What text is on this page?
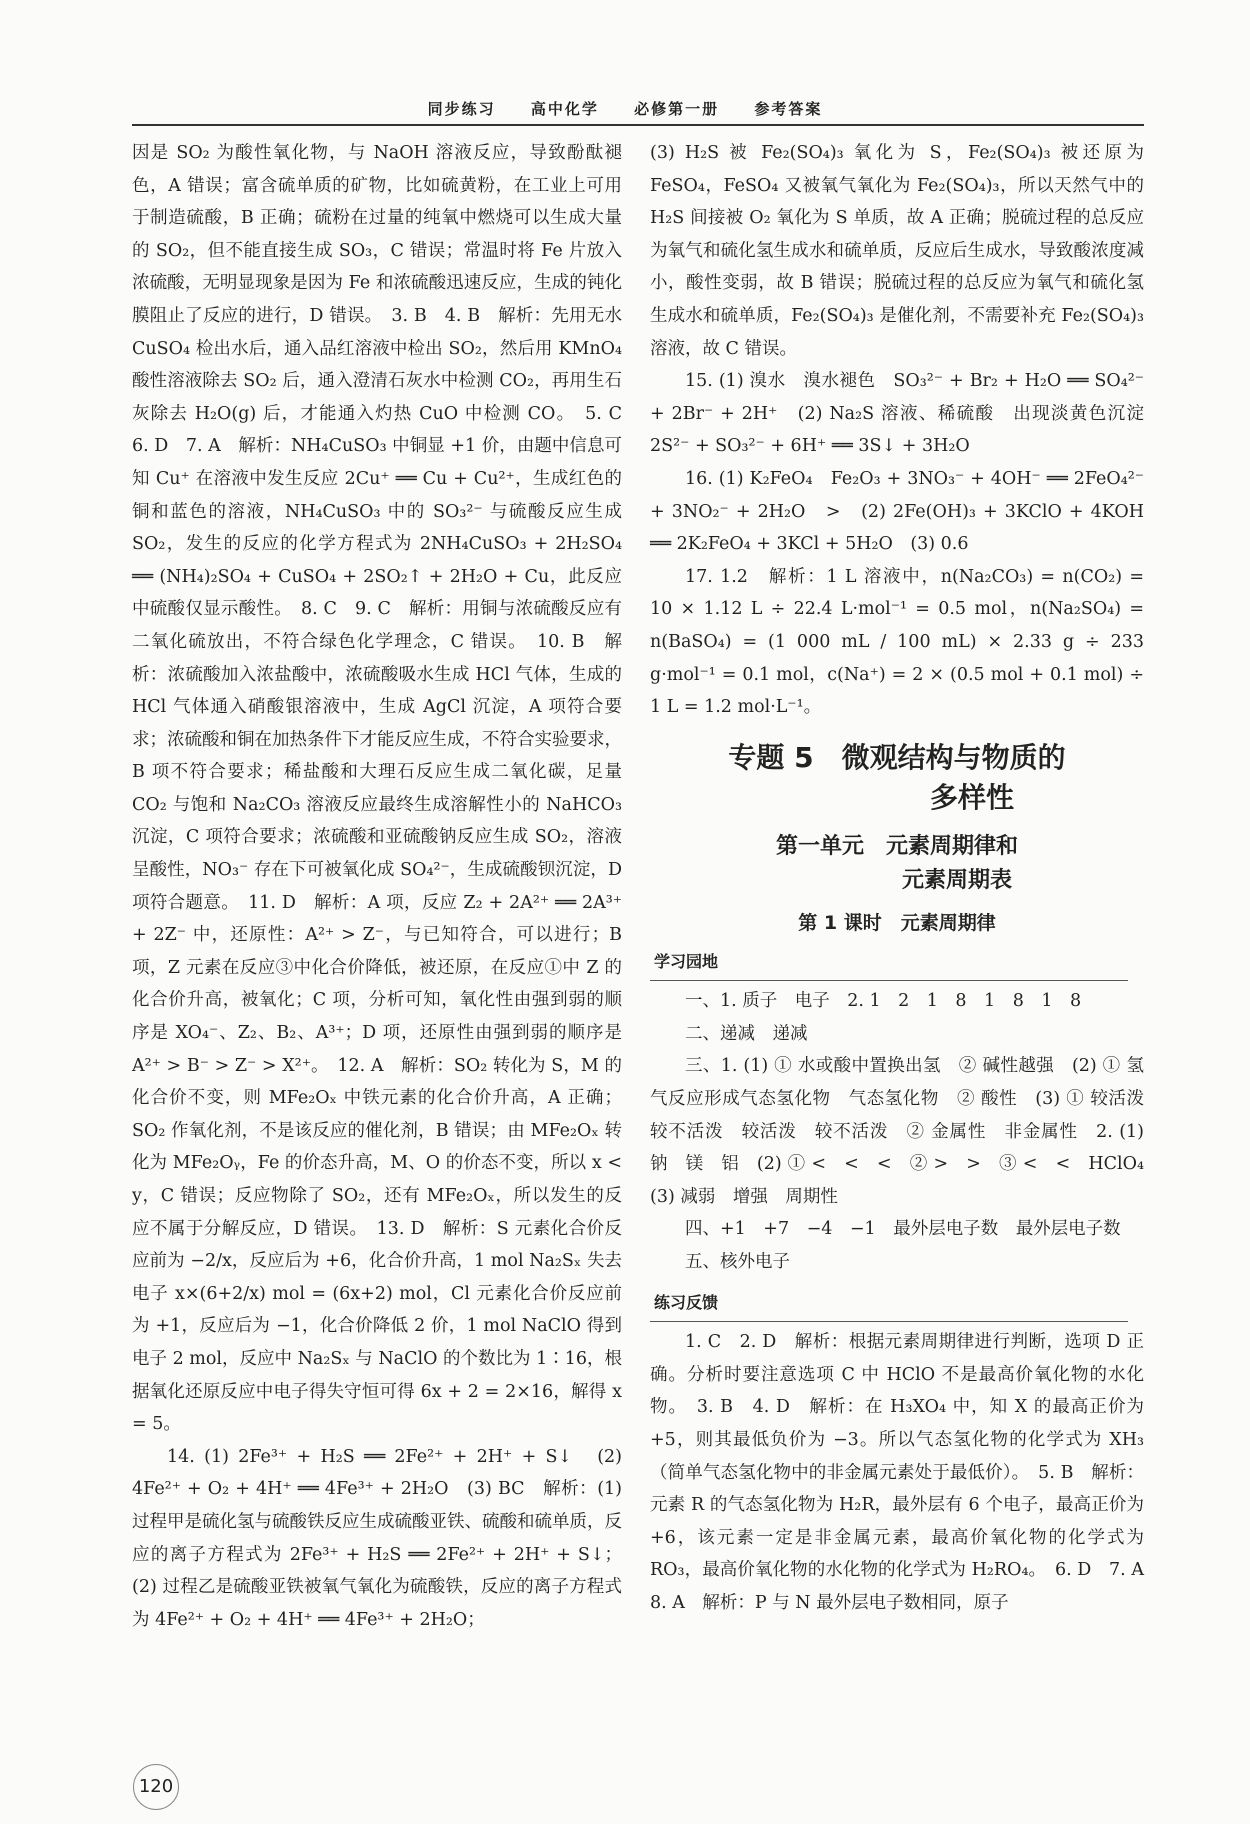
同步练习 高中化学 必修第一册 参考答案

因是 SO₂ 为酸性氧化物，与 NaOH 溶液反应，导致酚酞褪色，A 错误；富含硫单质的矿物，比如硫黄粉，在工业上可用于制造硫酸，B 正确；硫粉在过量的纯氧中燃烧可以生成大量的 SO₂，但不能直接生成 SO₃，C 错误；常温时将 Fe 片放入浓硫酸，无明显现象是因为 Fe 和浓硫酸迅速反应，生成的钝化膜阻止了反应的进行，D 错误。　3. B　4. B　解析：先用无水 CuSO₄ 检出水后，通入品红溶液中检出 SO₂，然后用 KMnO₄ 酸性溶液除去 SO₂ 后，通入澄清石灰水中检测 CO₂，再用生石灰除去 H₂O(g) 后，才能通入灼热 CuO 中检测 CO。　5. C　6. D　7. A　解析：NH₄CuSO₃ 中铜显 +1 价，由题中信息可知 Cu⁺ 在溶液中发生反应 2Cu⁺ ══ Cu + Cu²⁺，生成红色的铜和蓝色的溶液，NH₄CuSO₃ 中的 SO₃²⁻ 与硫酸反应生成 SO₂，发生的反应的化学方程式为 2NH₄CuSO₃ + 2H₂SO₄ ══ (NH₄)₂SO₄ + CuSO₄ + 2SO₂↑ + 2H₂O + Cu，此反应中硫酸仅显示酸性。　8. C　9. C　解析：用铜与浓硫酸反应有二氧化硫放出，不符合绿色化学理念，C 错误。　10. B　解析：浓硫酸加入浓盐酸中，浓硫酸吸水生成 HCl 气体，生成的 HCl 气体通入硝酸银溶液中，生成 AgCl 沉淀，A 项符合要求；浓硫酸和铜在加热条件下才能反应生成，不符合实验要求，B 项不符合要求；稀盐酸和大理石反应生成二氧化碳，足量 CO₂ 与饱和 Na₂CO₃ 溶液反应最终生成溶解性小的 NaHCO₃ 沉淀，C 项符合要求；浓硫酸和亚硫酸钠反应生成 SO₂，溶液呈酸性，NO₃⁻ 存在下可被氧化成 SO₄²⁻，生成硫酸钡沉淀，D 项符合题意。　11. D　解析：A 项，反应 Z₂ + 2A²⁺ ══ 2A³⁺ + 2Z⁻ 中，还原性：A²⁺ > Z⁻，与已知符合，可以进行；B 项，Z 元素在反应③中化合价降低，被还原，在反应①中 Z 的化合价升高，被氧化；C 项，分析可知，氧化性由强到弱的顺序是 XO₄⁻、Z₂、B₂、A³⁺；D 项，还原性由强到弱的顺序是 A²⁺ > B⁻ > Z⁻ > X²⁺。　12. A　解析：SO₂ 转化为 S，M 的化合价不变，则 MFe₂Oₓ 中铁元素的化合价升高，A 正确；SO₂ 作氧化剂，不是该反应的催化剂，B 错误；由 MFe₂Oₓ 转化为 MFe₂Oᵧ，Fe 的价态升高，M、O 的价态不变，所以 x < y，C 错误；反应物除了 SO₂，还有 MFe₂Oₓ，所以发生的反应不属于分解反应，D 错误。　13. D　解析：S 元素化合价反应前为 −2/x，反应后为 +6，化合价升高，1 mol Na₂Sₓ 失去电子 x×(6+2/x) mol = (6x+2) mol，Cl 元素化合价反应前为 +1，反应后为 −1，化合价降低 2 价，1 mol NaClO 得到电子 2 mol，反应中 Na₂Sₓ 与 NaClO 的个数比为 1∶16，根据氧化还原反应中电子得失守恒可得 6x + 2 = 2×16，解得 x = 5。

14. (1) 2Fe³⁺ + H₂S ══ 2Fe²⁺ + 2H⁺ + S↓　(2) 4Fe²⁺ + O₂ + 4H⁺ ══ 4Fe³⁺ + 2H₂O　(3) BC　解析：(1) 过程甲是硫化氢与硫酸铁反应生成硫酸亚铁、硫酸和硫单质，反应的离子方程式为 2Fe³⁺ + H₂S ══ 2Fe²⁺ + 2H⁺ + S↓；(2) 过程乙是硫酸亚铁被氧气氧化为硫酸铁，反应的离子方程式为 4Fe²⁺ + O₂ + 4H⁺ ══ 4Fe³⁺ + 2H₂O；

(3) H₂S 被 Fe₂(SO₄)₃ 氧化为 S，Fe₂(SO₄)₃ 被还原为 FeSO₄，FeSO₄ 又被氧气氧化为 Fe₂(SO₄)₃，所以天然气中的 H₂S 间接被 O₂ 氧化为 S 单质，故 A 正确；脱硫过程的总反应为氧气和硫化氢生成水和硫单质，反应后生成水，导致酸浓度减小，酸性变弱，故 B 错误；脱硫过程的总反应为氧气和硫化氢生成水和硫单质，Fe₂(SO₄)₃ 是催化剂，不需要补充 Fe₂(SO₄)₃ 溶液，故 C 错误。

15. (1) 溴水　溴水褪色　SO₃²⁻ + Br₂ + H₂O ══ SO₄²⁻ + 2Br⁻ + 2H⁺　(2) Na₂S 溶液、稀硫酸　出现淡黄色沉淀　2S²⁻ + SO₃²⁻ + 6H⁺ ══ 3S↓ + 3H₂O

16. (1) K₂FeO₄　Fe₂O₃ + 3NO₃⁻ + 4OH⁻ ══ 2FeO₄²⁻ + 3NO₂⁻ + 2H₂O　>　(2) 2Fe(OH)₃ + 3KClO + 4KOH ══ 2K₂FeO₄ + 3KCl + 5H₂O　(3) 0.6

17. 1.2　解析：1 L 溶液中，n(Na₂CO₃) = n(CO₂) = 10 × 1.12 L ÷ 22.4 L·mol⁻¹ = 0.5 mol，n(Na₂SO₄) = n(BaSO₄) = (1 000 mL / 100 mL) × 2.33 g ÷ 233 g·mol⁻¹ = 0.1 mol，c(Na⁺) = 2 × (0.5 mol + 0.1 mol) ÷ 1 L = 1.2 mol·L⁻¹。

专题 5　微观结构与物质的
多样性
第一单元　元素周期律和
元素周期表
第 1 课时　元素周期律
学习园地

一、1. 质子　电子　2. 1　2　1　8　1　8　1　8

二、递减　递减

三、1. (1) ① 水或酸中置换出氢　② 碱性越强　(2) ① 氢气反应形成气态氢化物　气态氢化物　② 酸性　(3) ① 较活泼　较不活泼　较活泼　较不活泼　② 金属性　非金属性　2. (1) 钠　镁　铝　(2) ① <　<　<　② >　>　③ <　<　HClO₄　(3) 减弱　增强　周期性

四、+1　+7　−4　−1　最外层电子数　最外层电子数

五、核外电子

练习反馈

1. C　2. D　解析：根据元素周期律进行判断，选项 D 正确。分析时要注意选项 C 中 HClO 不是最高价氧化物的水化物。　3. B　4. D　解析：在 H₃XO₄ 中，知 X 的最高正价为 +5，则其最低负价为 −3。所以气态氢化物的化学式为 XH₃（简单气态氢化物中的非金属元素处于最低价）。　5. B　解析：元素 R 的气态氢化物为 H₂R，最外层有 6 个电子，最高正价为 +6，该元素一定是非金属元素，最高价氧化物的化学式为 RO₃，最高价氧化物的水化物的化学式为 H₂RO₄。　6. D　7. A　8. A　解析：P 与 N 最外层电子数相同，原子

120
